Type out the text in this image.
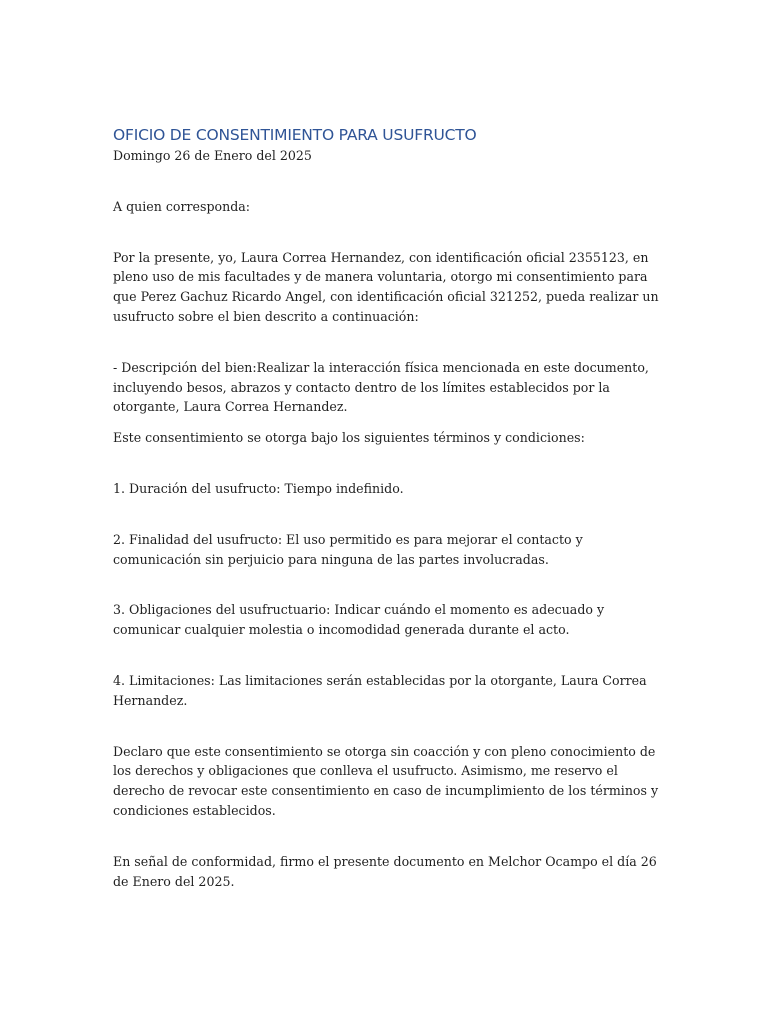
OFICIO DE CONSENTIMIENTO PARA USUFRUCTO

Domingo 26 de Enero del 2025

A quien corresponda:

Por la presente, yo, Laura Correa Hernandez, con identificación oficial 2355123, en pleno uso de mis facultades y de manera voluntaria, otorgo mi consentimiento para que Perez Gachuz Ricardo Angel, con identificación oficial 321252, pueda realizar un usufructo sobre el bien descrito a continuación:

- Descripción del bien:Realizar la interacción física mencionada en este documento, incluyendo besos, abrazos y contacto dentro de los límites establecidos por la otorgante, Laura Correa Hernandez.

Este consentimiento se otorga bajo los siguientes términos y condiciones:

1. Duración del usufructo: Tiempo indefinido.

2. Finalidad del usufructo: El uso permitido es para mejorar el contacto y comunicación sin perjuicio para ninguna de las partes involucradas.

3. Obligaciones del usufructuario: Indicar cuándo el momento es adecuado y comunicar cualquier molestia o incomodidad generada durante el acto.

4. Limitaciones: Las limitaciones serán establecidas por la otorgante, Laura Correa Hernandez.

Declaro que este consentimiento se otorga sin coacción y con pleno conocimiento de los derechos y obligaciones que conlleva el usufructo. Asimismo, me reservo el derecho de revocar este consentimiento en caso de incumplimiento de los términos y condiciones establecidos.

En señal de conformidad, firmo el presente documento en Melchor Ocampo el día 26 de Enero del 2025.
